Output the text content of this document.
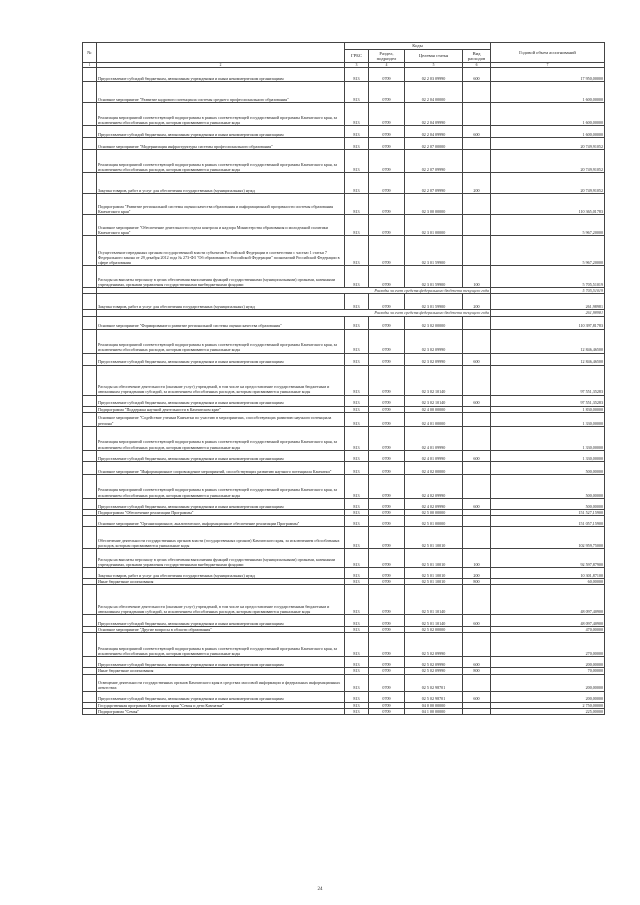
№		Коды				Годовой объем ассигнований
		ГРБС	Раздел, подраздел	Целевая статья	Вид расходов	
1	2	3	4	5	6	7
	Предоставление субсидий бюджетным, автономным учреждениям и иным некоммерческим организациям	813	0709	02 2 03 09990	600	17 950,00000
	Основное мероприятие "Развитие кадрового потенциала системы среднего профессионального образования"	813	0709	02 2 04 00000		1 600,00000
	Реализация мероприятий соответствующей подпрограммы в рамках соответствующей государственной программы Камчатского края, за исключением обособленных расходов, которым присваиваются уникальные коды	813	0709	02 2 04 09990		1 600,00000
	Предоставление субсидий бюджетным, автономным учреждениям и иным некоммерческим организациям	813	0709	02 2 04 09990	600	1 600,00000
	Основное мероприятие "Модернизация инфраструктуры системы профессионального образования"	813	0709	02 2 07 00000		20 749,91052
	Реализация мероприятий соответствующей подпрограммы в рамках соответствующей государственной программы Камчатского края, за исключением обособленных расходов, которым присваиваются уникальные коды	813	0709	02 2 07 09990		20 749,91052
	Закупка товаров, работ и услуг для обеспечения государственных (муниципальных) нужд	813	0709	02 2 07 09990	200	20 749,91052
	Подпрограмма "Развитие региональной системы оценки качества образования и информационной прозрачности системы образования Камчатского края"	813	0709	02 3 00 00000		110 365,01783
	Основное мероприятие "Обеспечение деятельности отдела контроля и надзора Министерства образования и молодежной политики Камчатского края"	813	0709	02 3 01 00000		5 967,20000
	Осуществление переданных органам государственной власти субъектов Российской Федерации в соответствии с частью 1 статьи 7 Федерального закона от 29 декабря 2012 года № 273-ФЗ "Об образовании в Российской Федерации" полномочий Российской Федерации в сфере образования	813	0709	02 3 01 59900		5 967,20000
	Расходы на выплаты персоналу в целях обеспечения выполнения функций государственными (муниципальными) органами, казенными учреждениями, органами управления государственными внебюджетными фондами	813	0709	02 3 01 59900	100	5 705,51019
	Расходы за счет средств федерального бюджета текущего года					5 705,51019
	Закупка товаров, работ и услуг для обеспечения государственных (муниципальных) нужд	813	0709	02 3 01 59900	200	261,98981
	Расходы за счет средств федерального бюджета текущего года					261,98981
	Основное мероприятие "Формирование и развитие региональной системы оценки качества образования"	813	0709	02 3 02 00000		110 397,81783
	Реализация мероприятий соответствующей подпрограммы в рамках соответствующей государственной программы Камчатского края, за исключением обособленных расходов, которым присваиваются уникальные коды	813	0709	02 3 02 09990		12 846,46500
	Предоставление субсидий бюджетным, автономным учреждениям и иным некоммерческим организациям	813	0709	02 3 02 09990	600	12 846,46500
	Расходы на обеспечение деятельности (оказание услуг) учреждений, в том числе на предоставление государственным бюджетным и автономным учреждениям субсидий, за исключением обособленных расходов, которым присваиваются уникальные коды	813	0709	02 3 02 10140		97 551,35283
	Предоставление субсидий бюджетным, автономным учреждениям и иным некоммерческим организациям	813	0709	02 3 02 10140	600	97 551,35283
	Подпрограмма "Поддержка научной деятельности в Камчатском крае"	813	0709	02 4 00 00000		1 830,00000
	Основное мероприятие "Содействие ученым Камчатки по участию в мероприятиях, способствующих развитию научного потенциала региона"	813	0709	02 4 01 00000		1 330,00000
	Реализация мероприятий соответствующей подпрограммы в рамках соответствующей государственной программы Камчатского края, за исключением обособленных расходов, которым присваиваются уникальные коды	813	0709	02 4 01 09990		1 330,00000
	Предоставление субсидий бюджетным, автономным учреждениям и иным некоммерческим организациям	813	0709	02 4 01 09990	600	1 330,00000
	Основное мероприятие "Информационное сопровождение мероприятий, способствующих развитию научного потенциала Камчатки"	813	0709	02 4 02 00000		500,00000
	Реализация мероприятий соответствующей подпрограммы в рамках соответствующей государственной программы Камчатского края, за исключением обособленных расходов, которым присваиваются уникальные коды	813	0709	02 4 02 09990		500,00000
	Предоставление субсидий бюджетным, автономным учреждениям и иным некоммерческим организациям	813	0709	02 4 02 09990	600	500,00000
	Подпрограмма "Обеспечение реализации Программы"	813	0709	02 5 00 00000		151 527,15900
	Основное мероприятие "Организационное, аналитическое, информационное обеспечение реализации Программы"	813	0709	02 5 01 00000		151 057,15900
	Обеспечение деятельности государственных органов власти (государственных органов) Камчатского края, за исключением обособленных расходов, которым присваиваются уникальные коды	813	0709	02 5 01 10010		102 959,75000
	Расходы на выплаты персоналу в целях обеспечения выполнения функций государственными (муниципальными) органами, казенными учреждениями, органами управления государственными внебюджетными фондами	813	0709	02 5 01 10010	100	92 597,87900
	Закупка товаров, работ и услуг для обеспечения государственных (муниципальных) нужд	813	0709	02 5 01 10010	200	10 301,87100
	Иные бюджетные ассигнования	813	0709	02 5 01 10010	800	60,00000
	Расходы на обеспечение деятельности (оказание услуг) учреждений, в том числе на предоставление государственным бюджетным и автономным учреждениям субсидий, за исключением обособленных расходов, которым присваиваются уникальные коды	813	0709	02 5 01 10140		48 097,40900
	Предоставление субсидий бюджетным, автономным учреждениям и иным некоммерческим организациям	813	0709	02 5 01 10140	600	48 097,40900
	Основное мероприятие "Другие вопросы в области образования"	813	0709	02 5 02 00000		470,00000
	Реализация мероприятий соответствующей подпрограммы в рамках соответствующей государственной программы Камчатского края, за исключением обособленных расходов, которым присваиваются уникальные коды	813	0709	02 5 02 09990		270,00000
	Предоставление субсидий бюджетным, автономным учреждениям и иным некоммерческим организациям	813	0709	02 5 02 09990	600	200,00000
	Иные бюджетные ассигнования	813	0709	02 5 02 09990	800	70,00000
	Освещение деятельности государственных органов Камчатского края в средствах массовой информации и федеральных информационных агентствах	813	0709	02 5 02 98701		200,00000
	Предоставление субсидий бюджетным, автономным учреждениям и иным некоммерческим организациям	813	0709	02 5 02 98701	600	200,00000
	Государственная программа Камчатского края "Семья и дети Камчатки"	813	0709	04 0 00 00000		2 750,00000
	Подпрограмма "Семья"	813	0709	04 1 00 00000		225,00000
24
